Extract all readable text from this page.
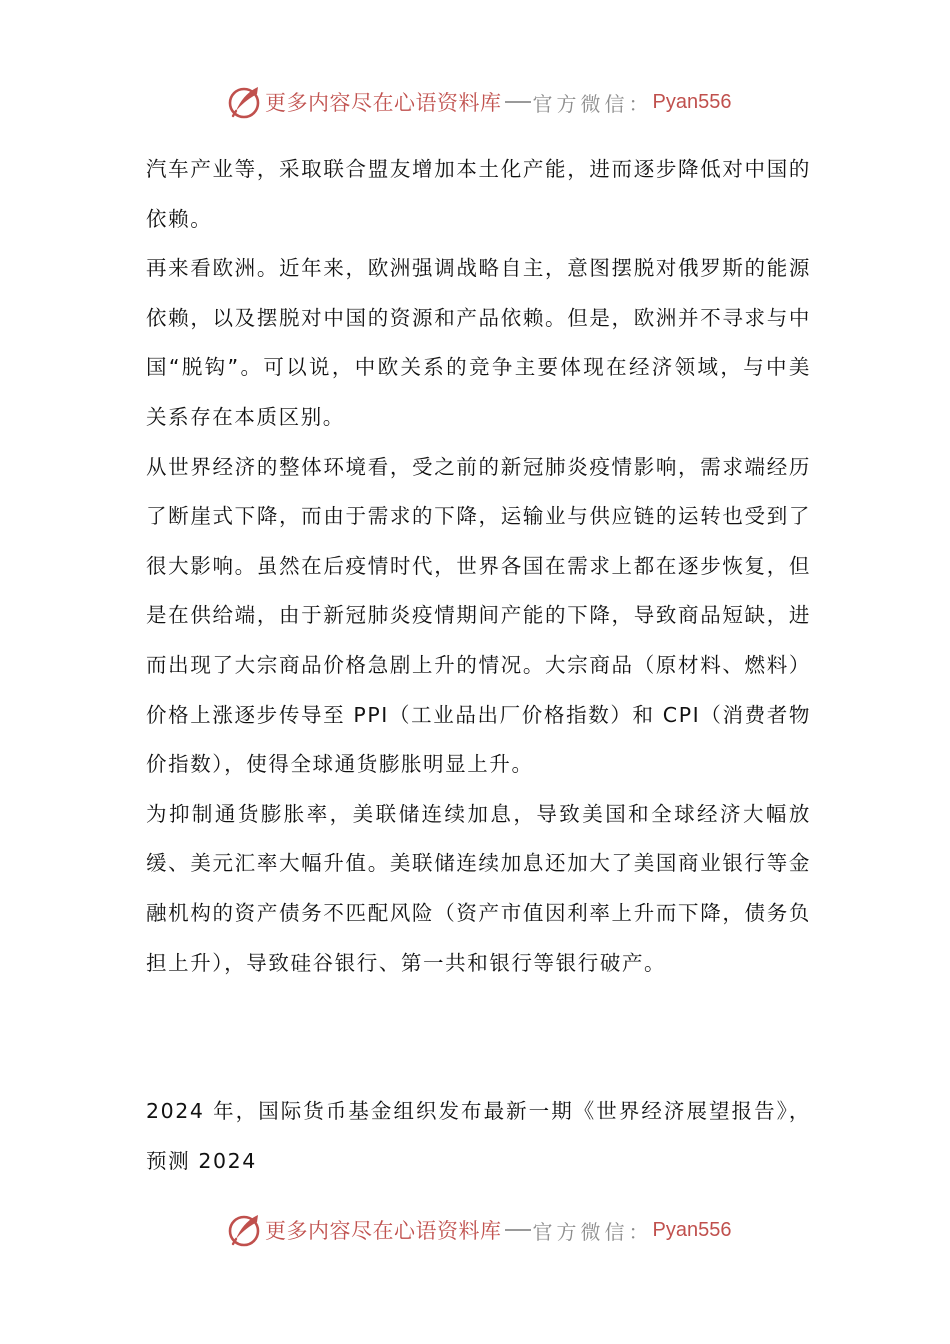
更多内容尽在心语资料库 官方微信： Pyan556

汽车产业等，采取联合盟友增加本土化产能，进而逐步降低对中国的依赖。

再来看欧洲。近年来，欧洲强调战略自主，意图摆脱对俄罗斯的能源依赖，以及摆脱对中国的资源和产品依赖。但是，欧洲并不寻求与中国“脱钩”。可以说，中欧关系的竞争主要体现在经济领域，与中美关系存在本质区别。

从世界经济的整体环境看，受之前的新冠肺炎疫情影响，需求端经历了断崖式下降，而由于需求的下降，运输业与供应链的运转也受到了很大影响。虽然在后疫情时代，世界各国在需求上都在逐步恢复，但是在供给端，由于新冠肺炎疫情期间产能的下降，导致商品短缺，进而出现了大宗商品价格急剧上升的情况。大宗商品（原材料、燃料）价格上涨逐步传导至 PPI（工业品出厂价格指数）和 CPI（消费者物价指数），使得全球通货膨胀明显上升。

为抑制通货膨胀率，美联储连续加息，导致美国和全球经济大幅放缓、美元汇率大幅升值。美联储连续加息还加大了美国商业银行等金融机构的资产债务不匹配风险（资产市值因利率上升而下降，债务负担上升），导致硅谷银行、第一共和银行等银行破产。

2024 年，国际货币基金组织发布最新一期《世界经济展望报告》，预测 2024

更多内容尽在心语资料库 官方微信： Pyan556
